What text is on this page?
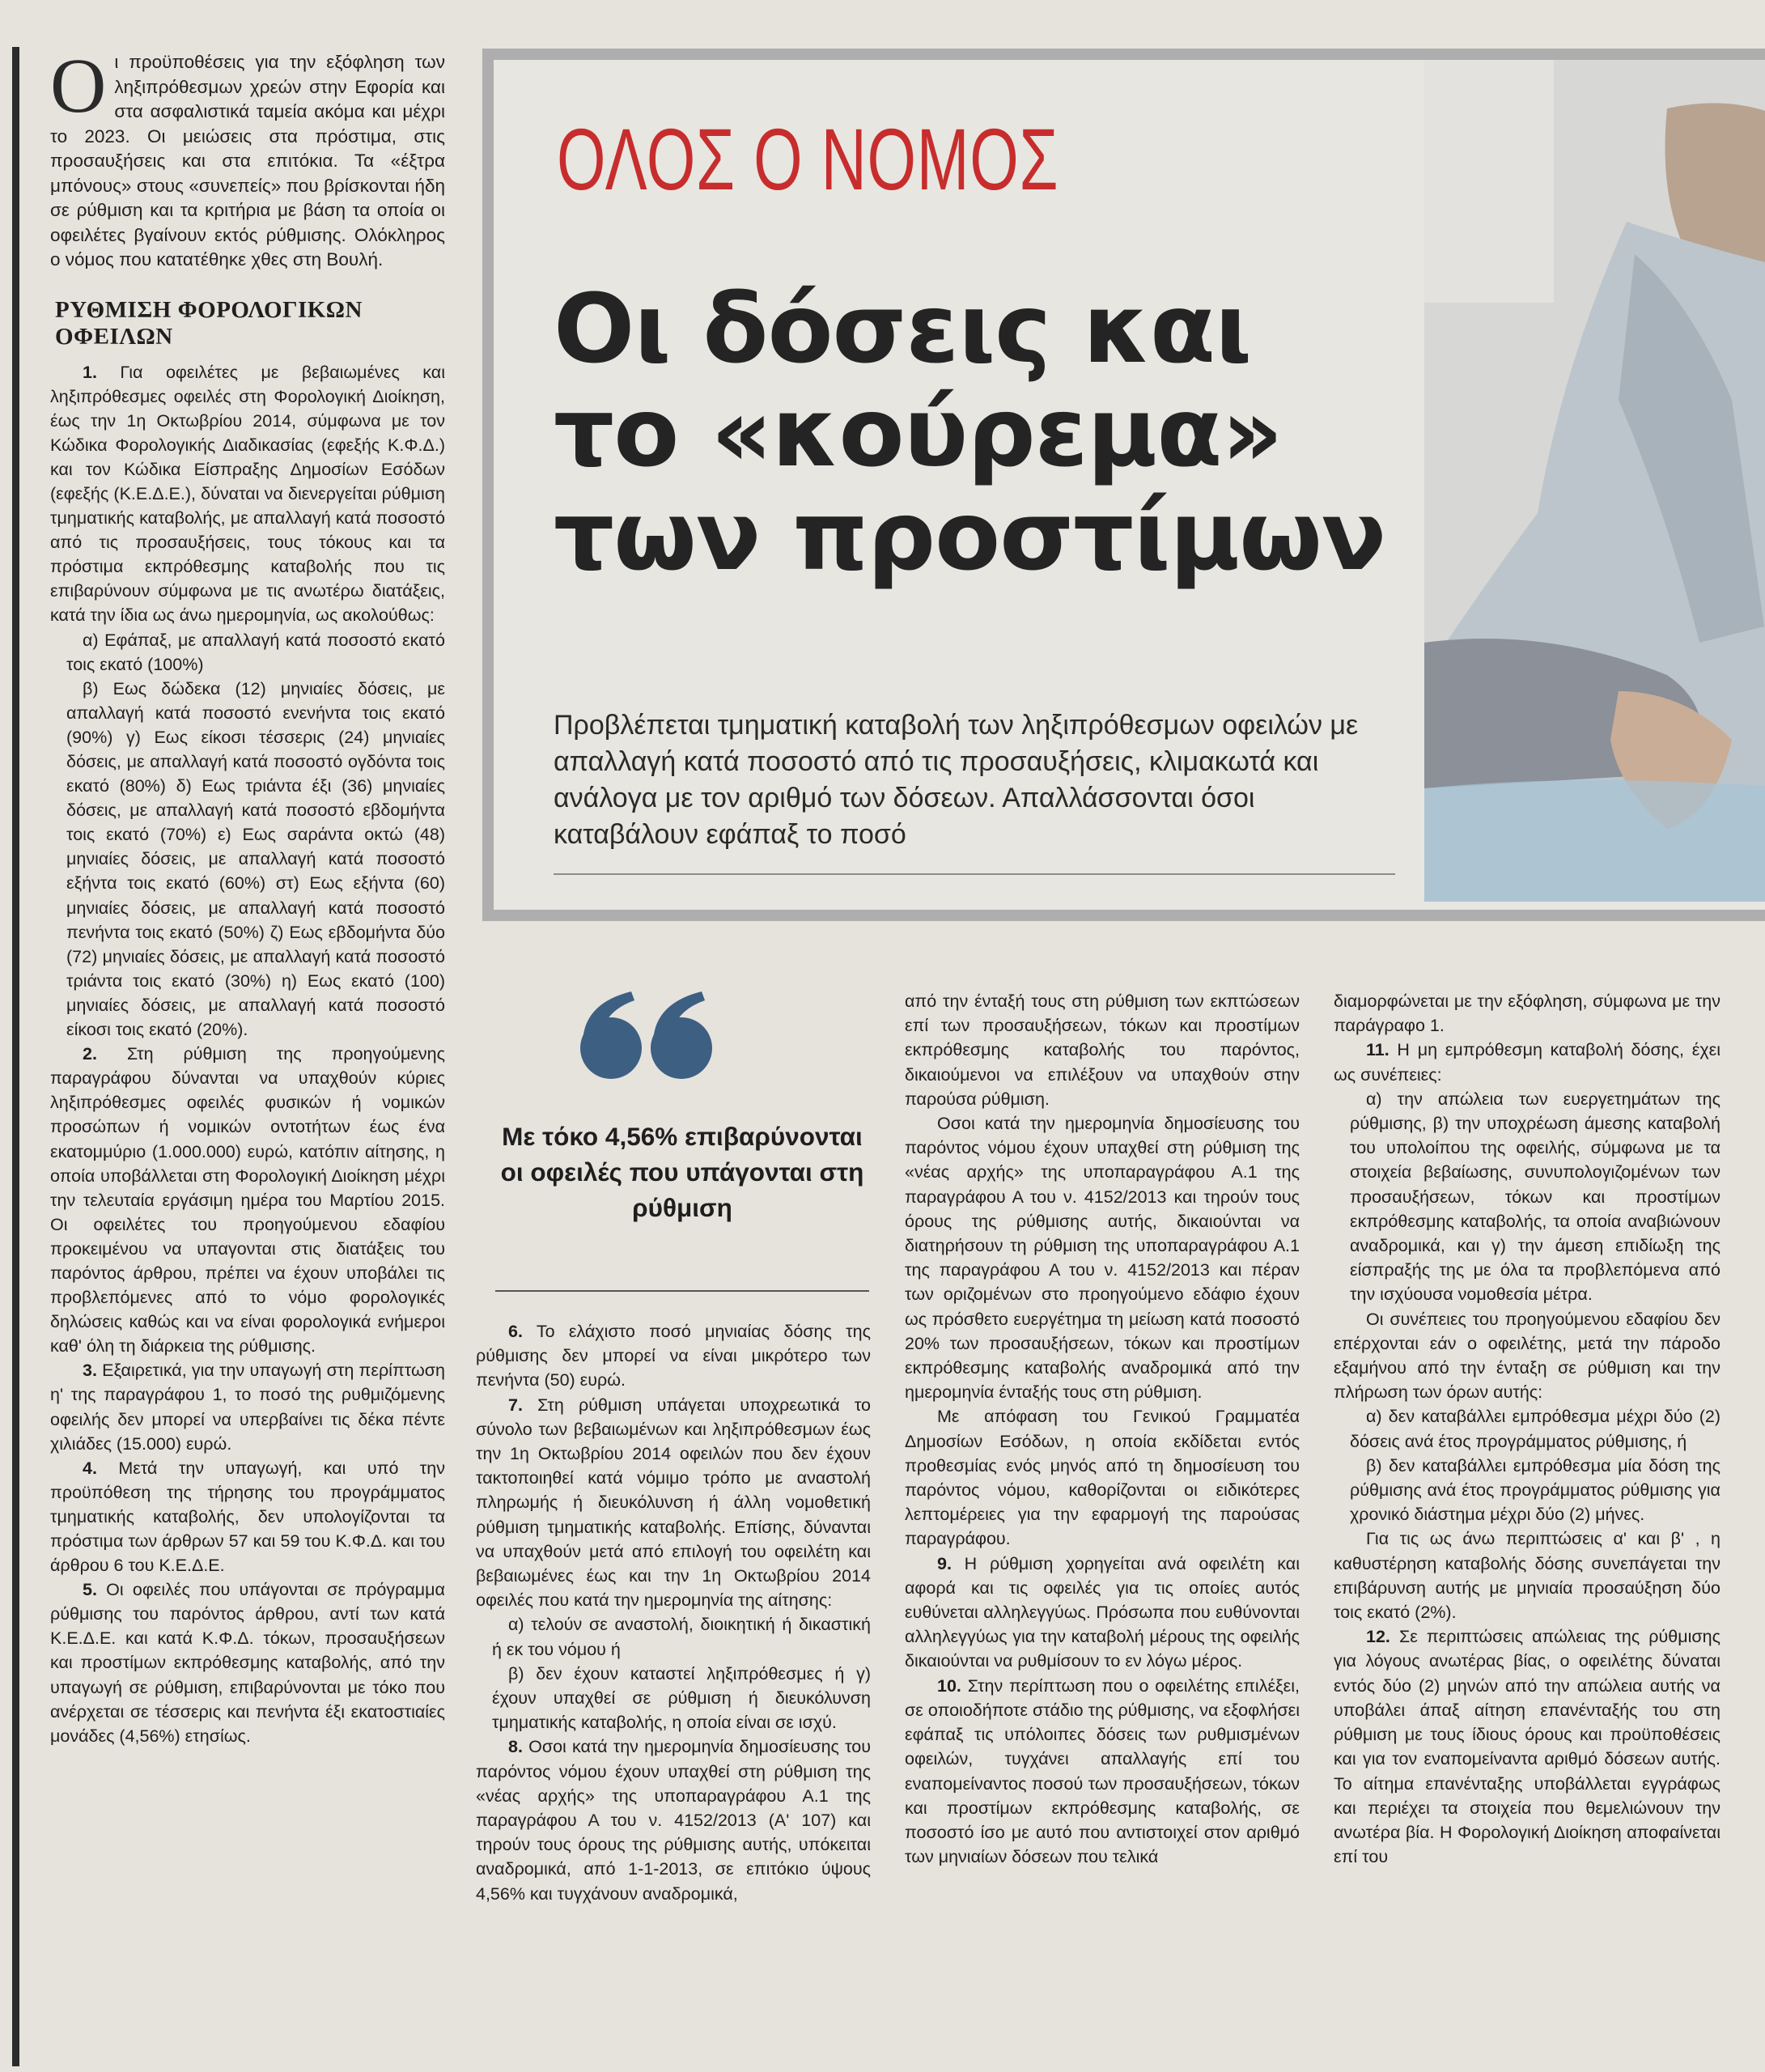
Οι προϋποθέσεις για την εξόφληση των ληξιπρόθεσμων χρεών στην Εφορία και στα ασφαλιστικά ταμεία ακόμα και μέχρι το 2023. Οι μειώσεις στα πρόστιμα, στις προσαυξήσεις και στα επιτόκια. Τα «έξτρα μπόνους» στους «συνεπείς» που βρίσκονται ήδη σε ρύθμιση και τα κριτήρια με βάση τα οποία οι οφειλέτες βγαίνουν εκτός ρύθμισης. Ολόκληρος ο νόμος που κατατέθηκε χθες στη Βουλή.

ΡΥΘΜΙΣΗ ΦΟΡΟΛΟΓΙΚΩΝ ΟΦΕΙΛΩΝ

1. Για οφειλέτες με βεβαιωμένες και ληξιπρόθεσμες οφειλές στη Φορολογική Διοίκηση, έως την 1η Οκτωβρίου 2014, σύμφωνα με τον Κώδικα Φορολογικής Διαδικασίας (εφεξής Κ.Φ.Δ.) και τον Κώδικα Είσπραξης Δημοσίων Εσόδων (εφεξής (Κ.Ε.Δ.Ε.), δύναται να διενεργείται ρύθμιση τμηματικής καταβολής, με απαλλαγή κατά ποσοστό από τις προσαυξήσεις, τους τόκους και τα πρόστιμα εκπρόθεσμης καταβολής που τις επιβαρύνουν σύμφωνα με τις ανωτέρω διατάξεις, κατά την ίδια ως άνω ημερομηνία, ως ακολούθως:

α) Εφάπαξ, με απαλλαγή κατά ποσοστό εκατό τοις εκατό (100%)

β) Εως δώδεκα (12) μηνιαίες δόσεις, με απαλλαγή κατά ποσοστό ενενήντα τοις εκατό (90%) γ) Εως είκοσι τέσσερις (24) μηνιαίες δόσεις, με απαλλαγή κατά ποσοστό ογδόντα τοις εκατό (80%) δ) Εως τριάντα έξι (36) μηνιαίες δόσεις, με απαλλαγή κατά ποσοστό εβδομήντα τοις εκατό (70%) ε) Εως σαράντα οκτώ (48) μηνιαίες δόσεις, με απαλλαγή κατά ποσοστό εξήντα τοις εκατό (60%) στ) Εως εξήντα (60) μηνιαίες δόσεις, με απαλλαγή κατά ποσοστό πενήντα τοις εκατό (50%) ζ) Εως εβδομήντα δύο (72) μηνιαίες δόσεις, με απαλλαγή κατά ποσοστό τριάντα τοις εκατό (30%) η) Εως εκατό (100) μηνιαίες δόσεις, με απαλλαγή κατά ποσοστό είκοσι τοις εκατό (20%).

2. Στη ρύθμιση της προηγούμενης παραγράφου δύνανται να υπαχθούν κύριες ληξιπρόθεσμες οφειλές φυσικών ή νομικών προσώπων ή νομικών οντοτήτων έως ένα εκατομμύριο (1.000.000) ευρώ, κατόπιν αίτησης, η οποία υποβάλλεται στη Φορολογική Διοίκηση μέχρι την τελευταία εργάσιμη ημέρα του Μαρτίου 2015. Οι οφειλέτες του προηγούμενου εδαφίου προκειμένου να υπαγονται στις διατάξεις του παρόντος άρθρου, πρέπει να έχουν υποβάλει τις προβλεπόμενες από το νόμο φορολογικές δηλώσεις καθώς και να είναι φορολογικά ενήμεροι καθ' όλη τη διάρκεια της ρύθμισης.

3. Εξαιρετικά, για την υπαγωγή στη περίπτωση η' της παραγράφου 1, το ποσό της ρυθμιζόμενης οφειλής δεν μπορεί να υπερβαίνει τις δέκα πέντε χιλιάδες (15.000) ευρώ.

4. Μετά την υπαγωγή, και υπό την προϋπόθεση της τήρησης του προγράμματος τμηματικής καταβολής, δεν υπολογίζονται τα πρόστιμα των άρθρων 57 και 59 του Κ.Φ.Δ. και του άρθρου 6 του Κ.Ε.Δ.Ε.

5. Οι οφειλές που υπάγονται σε πρόγραμμα ρύθμισης του παρόντος άρθρου, αντί των κατά Κ.Ε.Δ.Ε. και κατά Κ.Φ.Δ. τόκων, προσαυξήσεων και προστίμων εκπρόθεσμης καταβολής, από την υπαγωγή σε ρύθμιση, επιβαρύνονται με τόκο που ανέρχεται σε τέσσερις και πενήντα έξι εκατοστιαίες μονάδες (4,56%) ετησίως.

ΟΛΟΣ Ο ΝΟΜΟΣ
Οι δόσεις και
το «κούρεμα»
των προστίμων
Προβλέπεται τμηματική καταβολή των ληξιπρόθεσμων οφειλών με απαλλαγή κατά ποσοστό από τις προσαυξήσεις, κλιμακωτά και ανάλογα με τον αριθμό των δόσεων. Απαλλάσσονται όσοι καταβάλουν εφάπαξ το ποσό
Με τόκο 4,56% επιβαρύνονται οι οφειλές που υπάγονται στη ρύθμιση

6. Το ελάχιστο ποσό μηνιαίας δόσης της ρύθμισης δεν μπορεί να είναι μικρότερο των πενήντα (50) ευρώ.

7. Στη ρύθμιση υπάγεται υποχρεωτικά το σύνολο των βεβαιωμένων και ληξιπρόθεσμων έως την 1η Οκτωβρίου 2014 οφειλών που δεν έχουν τακτοποιηθεί κατά νόμιμο τρόπο με αναστολή πληρωμής ή διευκόλυνση ή άλλη νομοθετική ρύθμιση τμηματικής καταβολής. Επίσης, δύνανται να υπαχθούν μετά από επιλογή του οφειλέτη και βεβαιωμένες έως και την 1η Οκτωβρίου 2014 οφειλές που κατά την ημερομηνία της αίτησης:

α) τελούν σε αναστολή, διοικητική ή δικαστική ή εκ του νόμου ή

β) δεν έχουν καταστεί ληξιπρόθεσμες ή γ) έχουν υπαχθεί σε ρύθμιση ή διευκόλυνση τμηματικής καταβολής, η οποία είναι σε ισχύ.

8. Οσοι κατά την ημερομηνία δημοσίευσης του παρόντος νόμου έχουν υπαχθεί στη ρύθμιση της «νέας αρχής» της υποπαραγράφου Α.1 της παραγράφου Α του ν. 4152/2013 (Α' 107) και τηρούν τους όρους της ρύθμισης αυτής, υπόκειται αναδρομικά, από 1-1-2013, σε επιτόκιο ύψους 4,56% και τυγχάνουν αναδρομικά,

από την ένταξή τους στη ρύθμιση των εκπτώσεων επί των προσαυξήσεων, τόκων και προστίμων εκπρόθεσμης καταβολής του παρόντος, δικαιούμενοι να επιλέξουν να υπαχθούν στην παρούσα ρύθμιση.

Οσοι κατά την ημερομηνία δημοσίευσης του παρόντος νόμου έχουν υπαχθεί στη ρύθμιση της «νέας αρχής» της υποπαραγράφου Α.1 της παραγράφου Α του ν. 4152/2013 και τηρούν τους όρους της ρύθμισης αυτής, δικαιούνται να διατηρήσουν τη ρύθμιση της υποπαραγράφου Α.1 της παραγράφου Α του ν. 4152/2013 και πέραν των οριζομένων στο προηγούμενο εδάφιο έχουν ως πρόσθετο ευεργέτημα τη μείωση κατά ποσοστό 20% των προσαυξήσεων, τόκων και προστίμων εκπρόθεσμης καταβολής αναδρομικά από την ημερομηνία ένταξής τους στη ρύθμιση.

Με απόφαση του Γενικού Γραμματέα Δημοσίων Εσόδων, η οποία εκδίδεται εντός προθεσμίας ενός μηνός από τη δημοσίευση του παρόντος νόμου, καθορίζονται οι ειδικότερες λεπτομέρειες για την εφαρμογή της παρούσας παραγράφου.

9. Η ρύθμιση χορηγείται ανά οφειλέτη και αφορά και τις οφειλές για τις οποίες αυτός ευθύνεται αλληλεγγύως. Πρόσωπα που ευθύνονται αλληλεγγύως για την καταβολή μέρους της οφειλής δικαιούνται να ρυθμίσουν το εν λόγω μέρος.

10. Στην περίπτωση που ο οφειλέτης επιλέξει, σε οποιοδήποτε στάδιο της ρύθμισης, να εξοφλήσει εφάπαξ τις υπόλοιπες δόσεις των ρυθμισμένων οφειλών, τυγχάνει απαλλαγής επί του εναπομείναντος ποσού των προσαυξήσεων, τόκων και προστίμων εκπρόθεσμης καταβολής, σε ποσοστό ίσο με αυτό που αντιστοιχεί στον αριθμό των μηνιαίων δόσεων που τελικά

διαμορφώνεται με την εξόφληση, σύμφωνα με την παράγραφο 1.

11. Η μη εμπρόθεσμη καταβολή δόσης, έχει ως συνέπειες:

α) την απώλεια των ευεργετημάτων της ρύθμισης, β) την υποχρέωση άμεσης καταβολή του υπολοίπου της οφειλής, σύμφωνα με τα στοιχεία βεβαίωσης, συνυπολογιζομένων των προσαυξήσεων, τόκων και προστίμων εκπρόθεσμης καταβολής, τα οποία αναβιώνουν αναδρομικά, και γ) την άμεση επιδίωξη της είσπραξής της με όλα τα προβλεπόμενα από την ισχύουσα νομοθεσία μέτρα.

Οι συνέπειες του προηγούμενου εδαφίου δεν επέρχονται εάν ο οφειλέτης, μετά την πάροδο εξαμήνου από την ένταξη σε ρύθμιση και την πλήρωση των όρων αυτής:

α) δεν καταβάλλει εμπρόθεσμα μέχρι δύο (2) δόσεις ανά έτος προγράμματος ρύθμισης, ή

β) δεν καταβάλλει εμπρόθεσμα μία δόση της ρύθμισης ανά έτος προγράμματος ρύθμισης για χρονικό διάστημα μέχρι δύο (2) μήνες.

Για τις ως άνω περιπτώσεις α' και β' , η καθυστέρηση καταβολής δόσης συνεπάγεται την επιβάρυνση αυτής με μηνιαία προσαύξηση δύο τοις εκατό (2%).

12. Σε περιπτώσεις απώλειας της ρύθμισης για λόγους ανωτέρας βίας, ο οφειλέτης δύναται εντός δύο (2) μηνών από την απώλεια αυτής να υποβάλει άπαξ αίτηση επανένταξής του στη ρύθμιση με τους ίδιους όρους και προϋποθέσεις και για τον εναπομείναντα αριθμό δόσεων αυτής. Το αίτημα επανένταξης υποβάλλεται εγγράφως και περιέχει τα στοιχεία που θεμελιώνουν την ανωτέρα βία. Η Φορολογική Διοίκηση αποφαίνεται επί του
